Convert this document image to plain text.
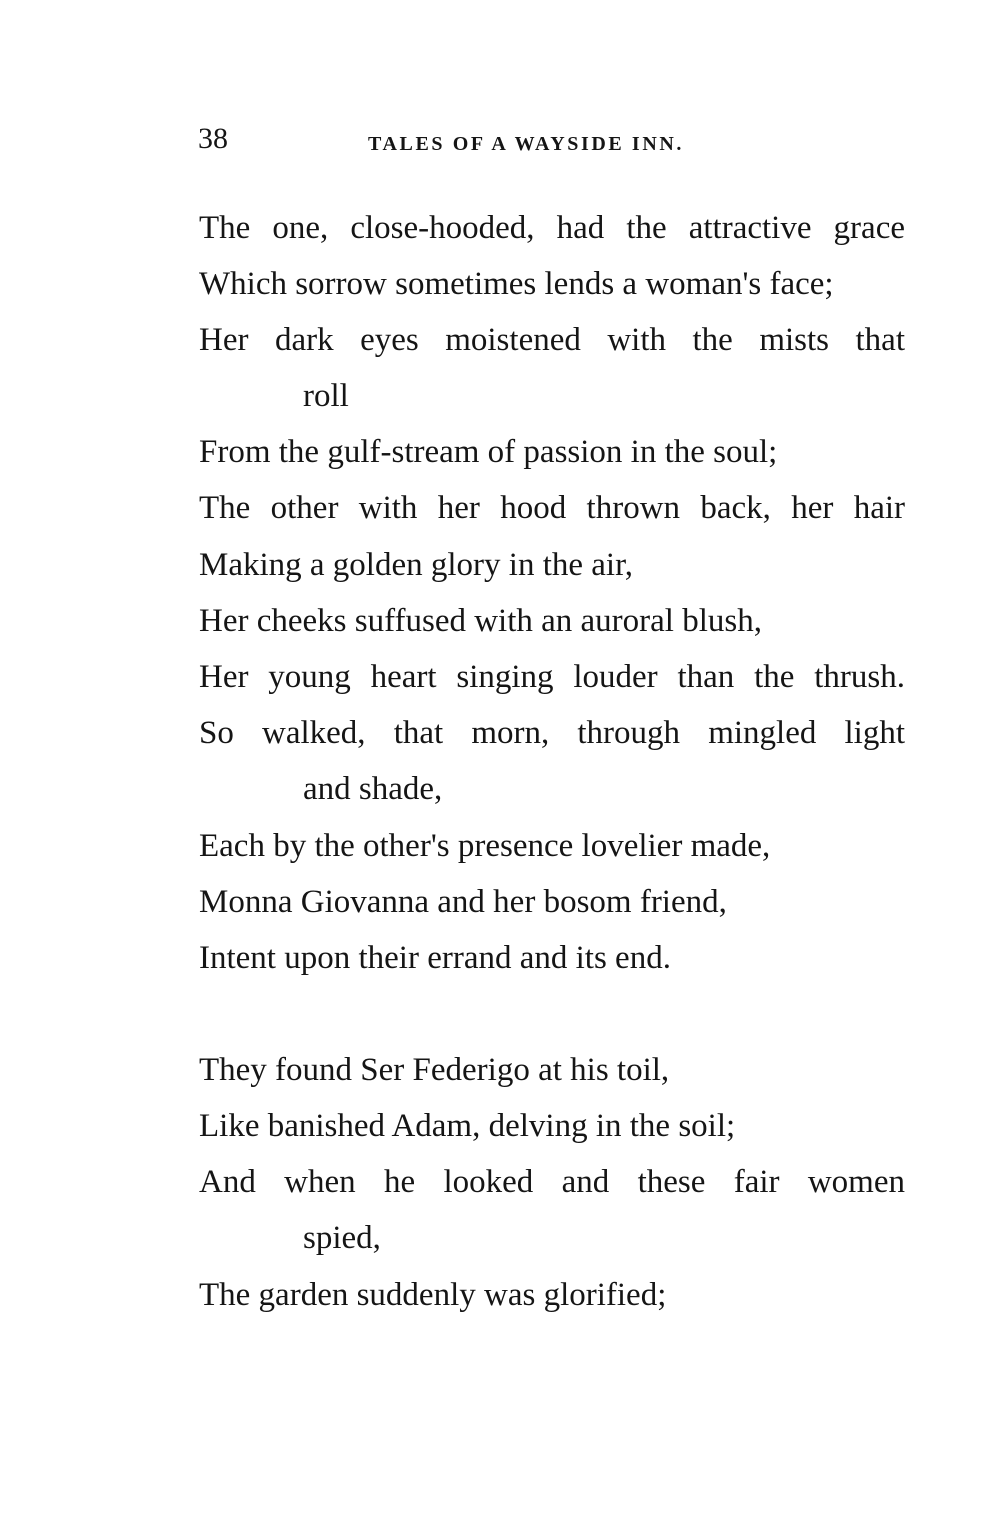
38	TALES OF A WAYSIDE INN.
The one, close-hooded, had the attractive grace
Which sorrow sometimes lends a woman's face;
Her dark eyes moistened with the mists that
roll
From the gulf-stream of passion in the soul;
The other with her hood thrown back, her hair
Making a golden glory in the air,
Her cheeks suffused with an auroral blush,
Her young heart singing louder than the thrush.
So walked, that morn, through mingled light
and shade,
Each by the other's presence lovelier made,
Monna Giovanna and her bosom friend,
Intent upon their errand and its end.
They found Ser Federigo at his toil,
Like banished Adam, delving in the soil;
And when he looked and these fair women
spied,
The garden suddenly was glorified;
